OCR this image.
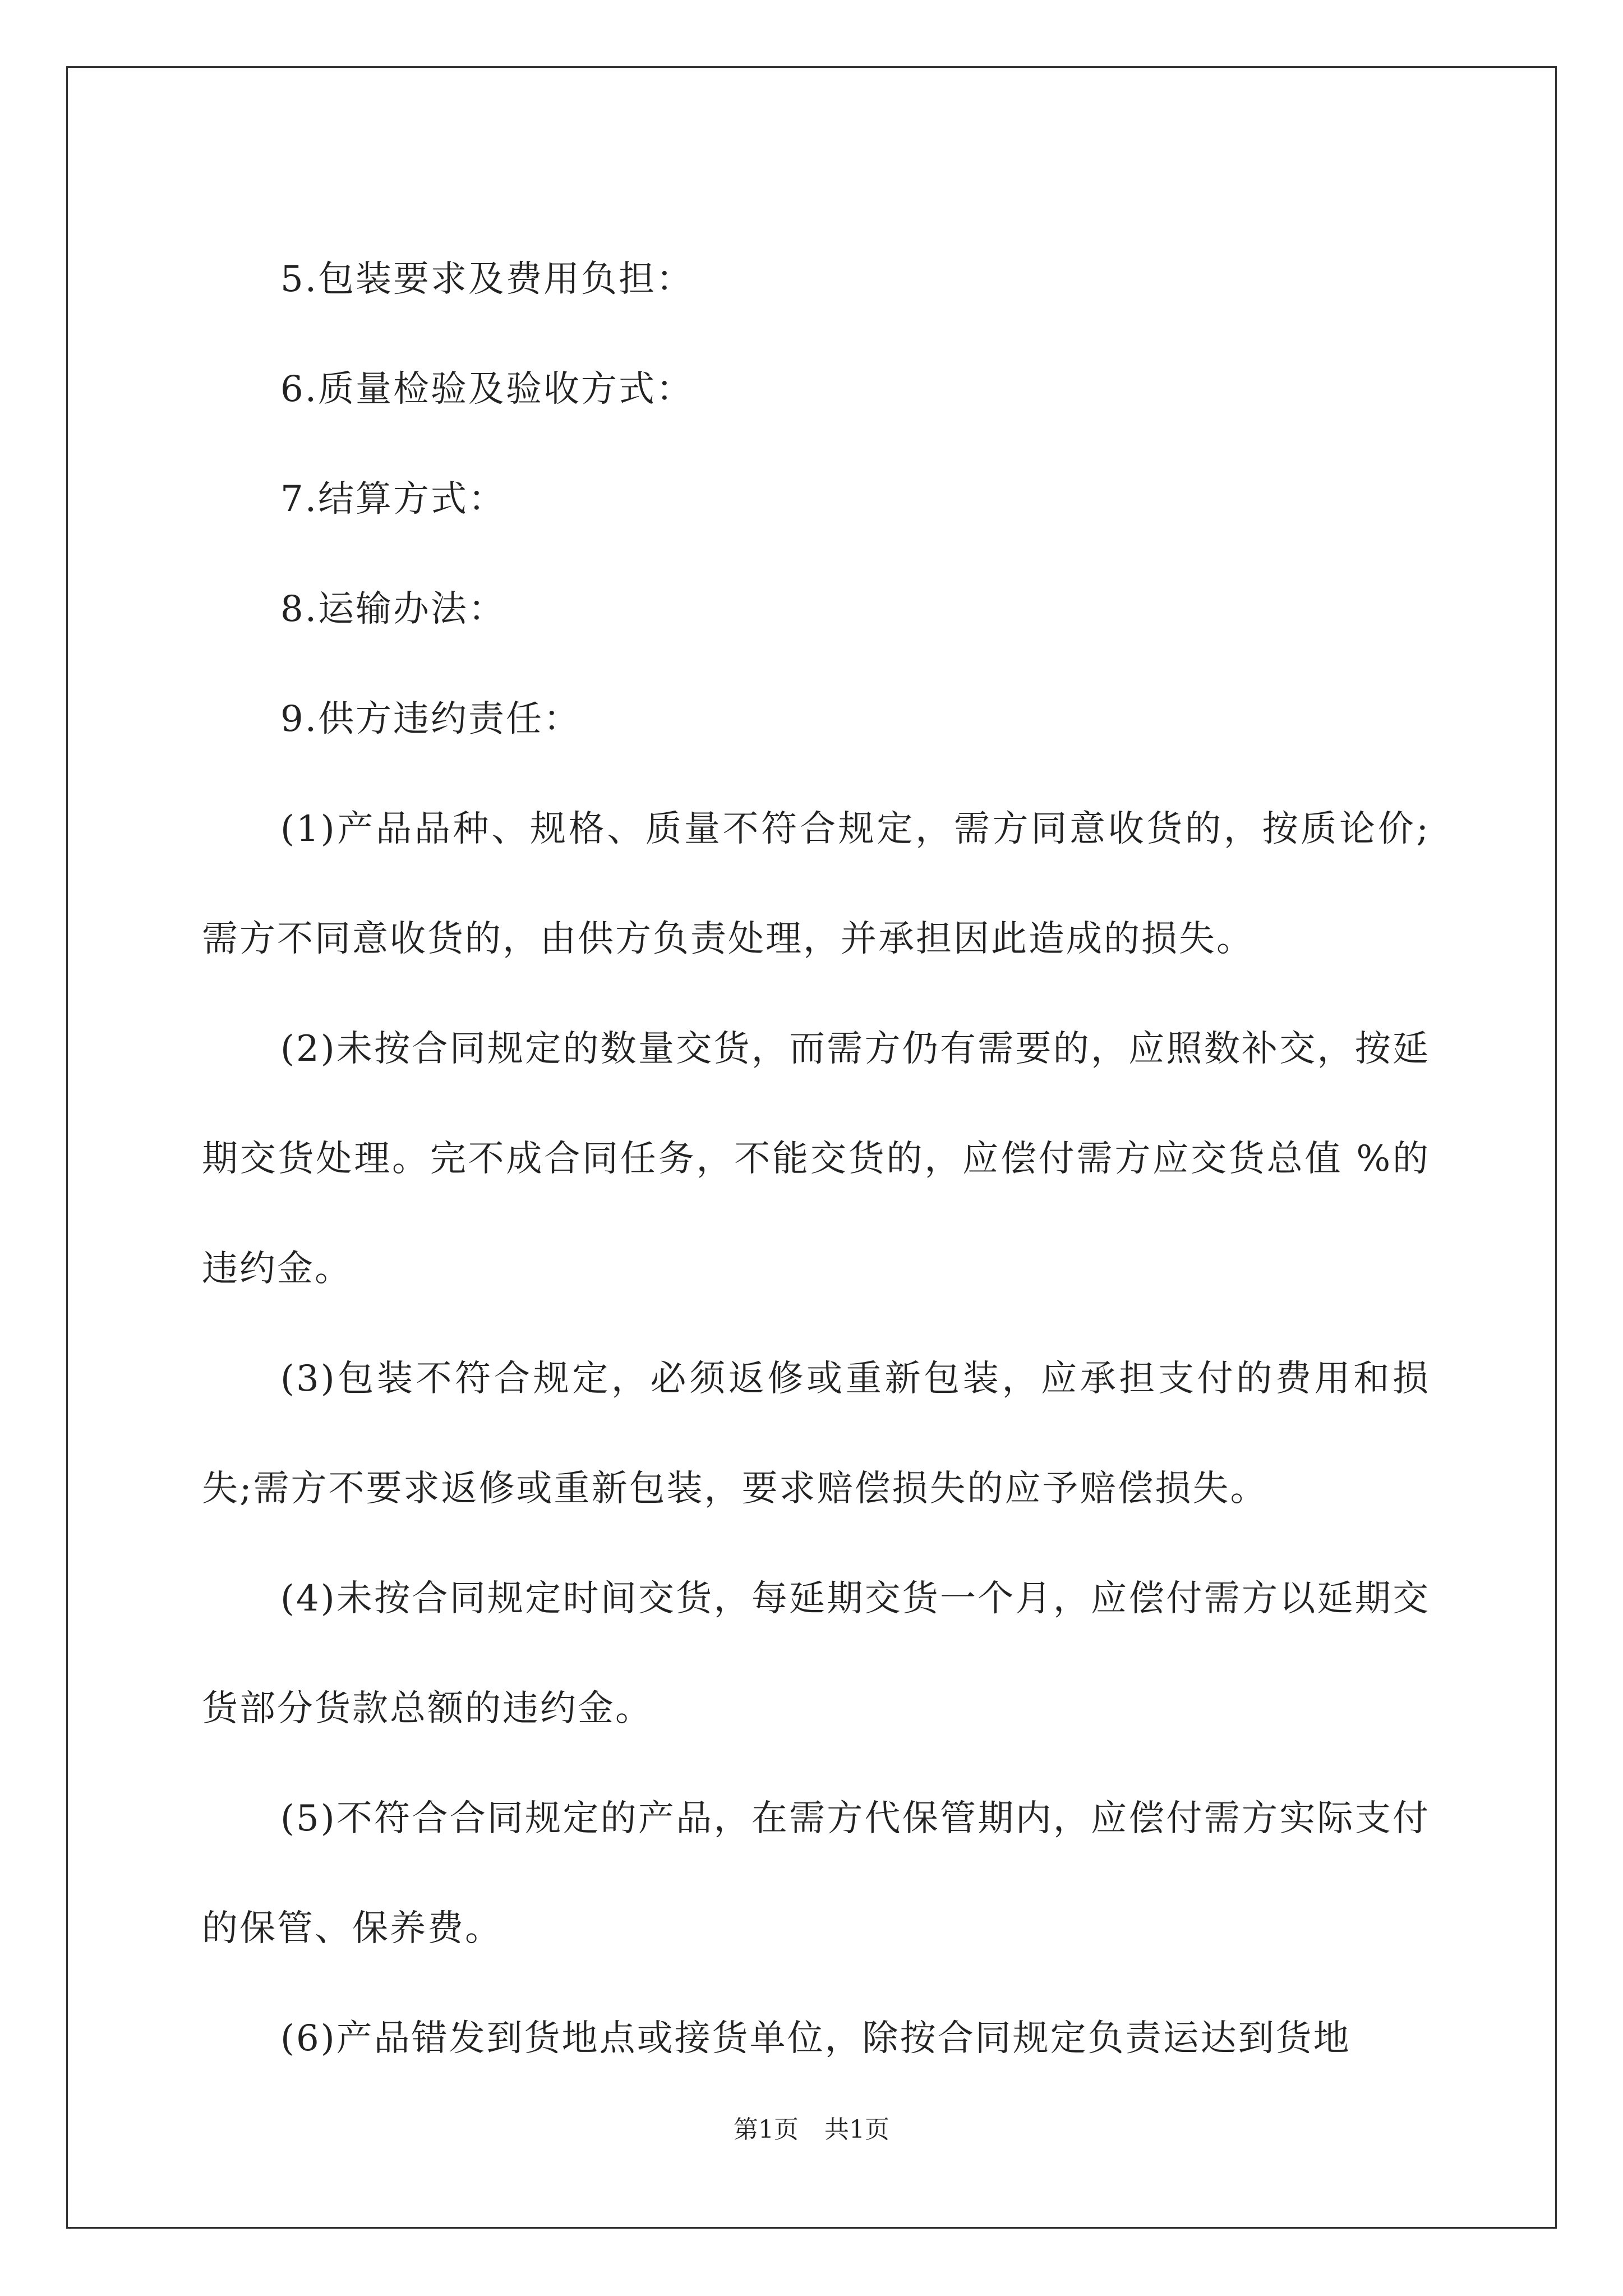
5.包装要求及费用负担：

6.质量检验及验收方式：

7.结算方式：

8.运输办法：

9.供方违约责任：

(1)产品品种、规格、质量不符合规定，需方同意收货的，按质论价;需方不同意收货的，由供方负责处理，并承担因此造成的损失。

(2)未按合同规定的数量交货，而需方仍有需要的，应照数补交，按延期交货处理。完不成合同任务，不能交货的，应偿付需方应交货总值 %的违约金。

(3)包装不符合规定，必须返修或重新包装，应承担支付的费用和损失;需方不要求返修或重新包装，要求赔偿损失的应予赔偿损失。

(4)未按合同规定时间交货，每延期交货一个月，应偿付需方以延期交货部分货款总额的违约金。

(5)不符合合同规定的产品，在需方代保管期内，应偿付需方实际支付的保管、保养费。

(6)产品错发到货地点或接货单位，除按合同规定负责运达到货地

第1页 共1页
